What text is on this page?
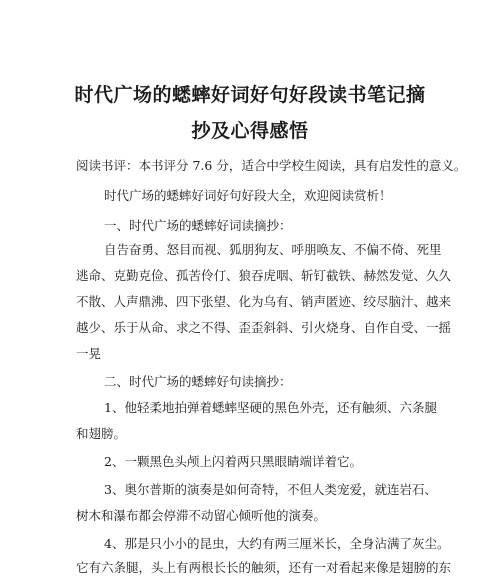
时代广场的蟋蟀好词好句好段读书笔记摘
抄及心得感悟
阅读书评：本书评分 7.6 分，适合中学校生阅读，具有启发性的意义。
时代广场的蟋蟀好词好句好段大全，欢迎阅读赏析！
一、时代广场的蟋蟀好词读摘抄：
自告奋勇、怒目而视、狐朋狗友、呼朋唤友、不偏不倚、死里
逃命、克勤克俭、孤苦伶仃、狼吞虎咽、斩钉截铁、赫然发觉、久久
不散、人声鼎沸、四下张望、化为乌有、销声匿迹、绞尽脑汁、越来
越少、乐于从命、求之不得、歪歪斜斜、引火烧身、自作自受、一摇
一晃
二、时代广场的蟋蟀好句读摘抄：
1、他轻柔地拍弹着蟋蟀坚硬的黑色外壳，还有触须、六条腿
和翅膀。
2、一颗黑色头颅上闪着两只黑眼睛端详着它。
3、奥尔普斯的演奏是如何奇特，不但人类宠爱，就连岩石、
树木和瀑布都会停滞不动留心倾听他的演奏。
4、那是只小小的昆虫，大约有两三厘米长，全身沾满了灰尘。
它有六条腿，头上有两根长长的触须，还有一对看起来像是翅膀的东
